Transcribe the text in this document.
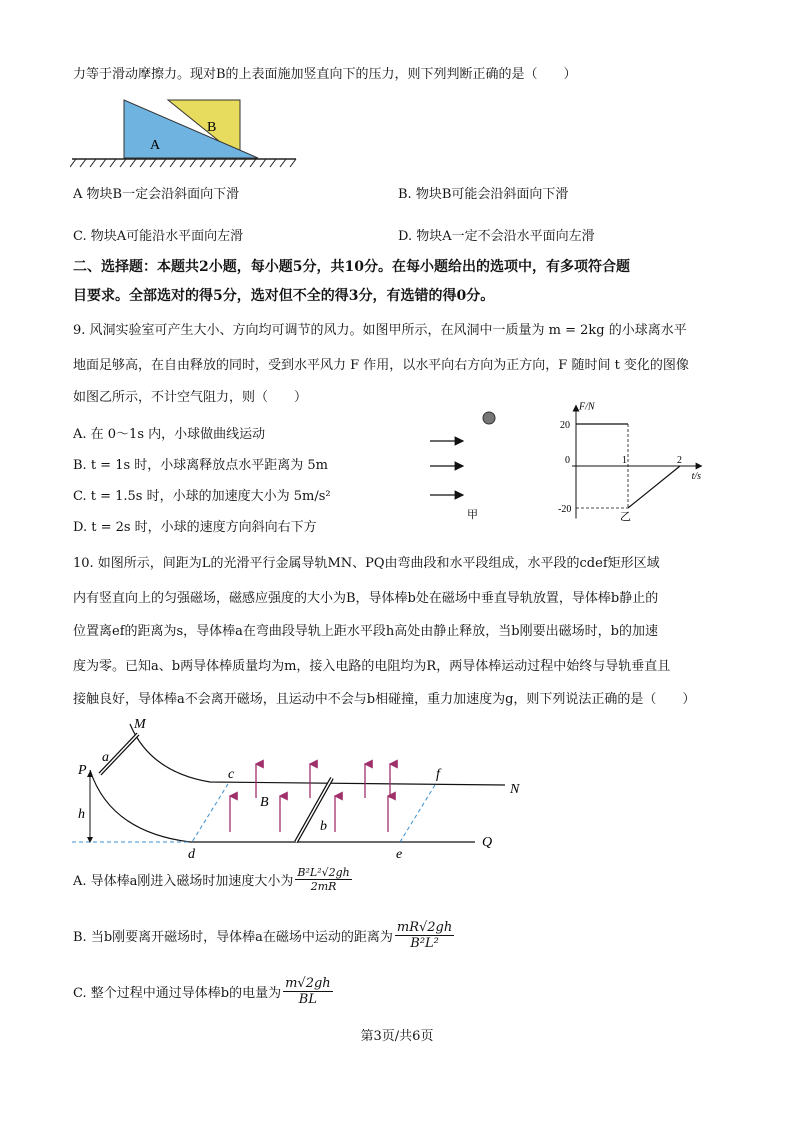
力等于滑动摩擦力。现对B的上表面施加竖直向下的压力，则下列判断正确的是（　　）
A
B
A 物块B一定会沿斜面向下滑	B. 物块B可能会沿斜面向下滑
C. 物块A可能沿水平面向左滑	D. 物块A一定不会沿水平面向左滑
二、选择题：本题共2小题，每小题5分，共10分。在每小题给出的选项中，有多项符合题
目要求。全部选对的得5分，选对但不全的得3分，有选错的得0分。
9. 风洞实验室可产生大小、方向均可调节的风力。如图甲所示，在风洞中一质量为 m = 2kg 的小球离水平
地面足够高，在自由释放的同时，受到水平风力 F 作用，以水平向右方向为正方向，F 随时间 t 变化的图像
如图乙所示，不计空气阻力，则（　　）
A. 在 0～1s 内，小球做曲线运动
B. t = 1s 时，小球离释放点水平距离为 5m
C. t = 1.5s 时，小球的加速度大小为 5m/s²
D. t = 2s 时，小球的速度方向斜向右下方
甲
F/N
t/s
20
-20
0	1	2
乙
10. 如图所示，间距为L的光滑平行金属导轨MN、PQ由弯曲段和水平段组成，水平段的cdef矩形区域
内有竖直向上的匀强磁场，磁感应强度的大小为B，导体棒b处在磁场中垂直导轨放置，导体棒b静止的
位置离ef的距离为s，导体棒a在弯曲段导轨上距水平段h高处由静止释放，当b刚要出磁场时，b的加速
度为零。已知a、b两导体棒质量均为m，接入电路的电阻均为R，两导体棒运动过程中始终与导轨垂直且
接触良好，导体棒a不会离开磁场，且运动中不会与b相碰撞，重力加速度为g，则下列说法正确的是（　　）
M
N
P
Q
a
b
c
d	e
f
h
B
A. 导体棒a刚进入磁场时加速度大小为 $\frac{\text{B²L²√2gh}}{2mR}$
B. 当b刚要离开磁场时，导体棒a在磁场中运动的距离为 $\frac{mR√2gh}{\text{B²L²}}$
C. 整个过程中通过导体棒b的电量为 $\frac{m√2gh}{BL}$
第3页/共6页
